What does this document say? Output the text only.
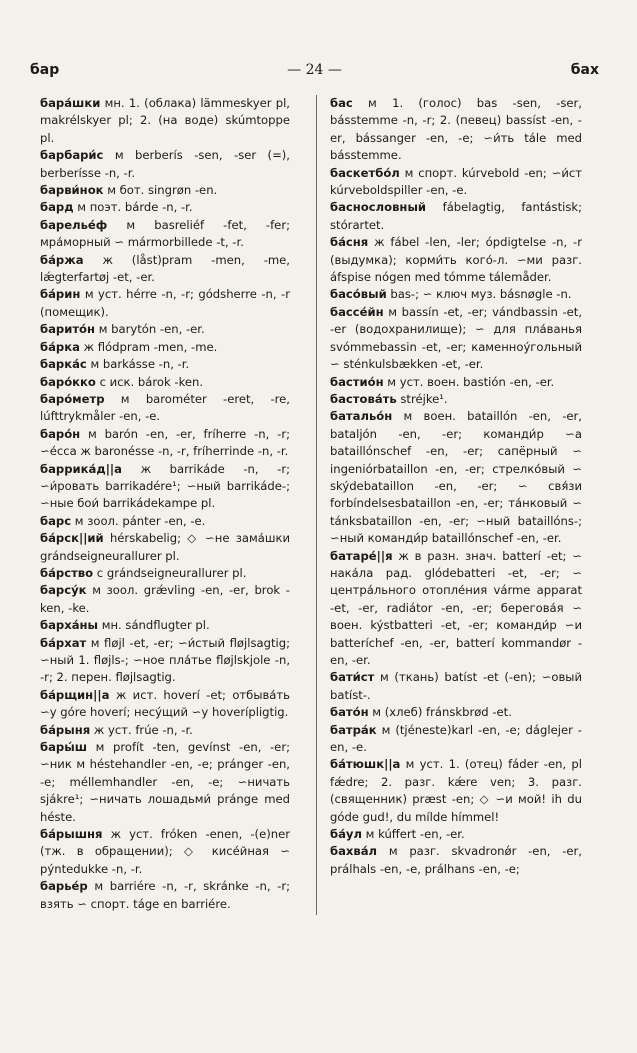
бар	— 24 —	бах

бара́шки мн. 1. (облака) lämmeskyer pl, makrélskyer pl; 2. (на воде) skúmtoppe pl.

барбари́с м berberís -sen, -ser (=), berberísse -n, -r.

барви́нок м бот. singrøn -en.

бард м поэт. bárde -n, -r.

барелье́ф м basreliéf -fet, -fer; мра́морный ∽ mármorbillede -t, -r.

ба́ржа ж (låst)pram -men, -me, lǽgterfartøj -et, -er.

ба́рин м уст. hérre -n, -r; gódsherre -n, -r (помещик).

барито́н м barytón -en, -er.

ба́рка ж flódpram -men, -me.

барка́с м barkásse -n, -r.

баро́кко с иск. bárok -ken.

баро́метр м barométer -eret, -re, lúfttrykmåler -en, -e.

баро́н м barón -en, -er, fríherre -n, -r; ∽е́сса ж baronésse -n, -r, fríherrinde -n, -r.

баррика́д||а ж barrikáde -n, -r; ∽и́ровать barrikadére¹; ∽ный barrikáde-; ∽ные бои́ barrikádekampe pl.

барс м зоол. pánter -en, -e.

ба́рск||ий hérskabelig; ◇ ∽не зама́шки grándseigneurallurer pl.

ба́рство с grándseigneurallurer pl.

барсу́к м зоол. grǽvling -en, -er, brok -ken, -ke.

барха́ны мн. sándflugter pl.

ба́рхат м fløjl -et, -er; ∽и́стый fløjlsagtig; ∽ный 1. fløjls-; ∽ное пла́тье fløjlskjole -n, -r; 2. перен. fløjlsagtig.

ба́рщин||а ж ист. hoverí -et; отбыва́ть ∽у góre hoverí; несу́щий ∽у hoverípligtig.

ба́рыня ж уст. frúe -n, -r.

бары́ш м profít -ten, gevínst -en, -er; ∽ник м héstehandler -en, -e; pránger -en, -e; méllemhandler -en, -e; ∽ничать sjákre¹; ∽ничать лошадьми́ pránge med héste.

ба́рышня ж уст. fróken -enen, -(e)ner (тж. в обращении); ◇ кисе́йная ∽ pýntedukke -n, -r.

барье́р м barriére -n, -r, skránke -n, -r; взять ∽ спорт. táge en barriére.

бас м 1. (голос) bas -sen, -ser, básstemme -n, -r; 2. (певец) bassíst -en, -er, bássanger -en, -e; ∽и́ть tále med básstemme.

баскетбо́л м спорт. kúrvebold -en; ∽и́ст kúrveboldspiller -en, -e.

баснословный fábelagtig, fantástisk; stórartet.

ба́сня ж fábel -len, -ler; ópdigtelse -n, -r (выдумка); корми́ть кого́-л. ∽ми разг. áfspise nógen med tómme tálemåder.

басо́вый bas-; ∽ ключ муз. básnøgle -n.

бассе́йн м bassín -et, -er; vándbassin -et, -er (водохранилище); ∽ для пла́ванья svómmebassin -et, -er; каменноу́гольный ∽ sténkulsbækken -et, -er.

бастио́н м уст. воен. bastión -en, -er.

бастова́ть stréjke¹.

батальо́н м воен. bataillón -en, -er, bataljón -en, -er; команди́р ∽а bataillónschef -en, -er; сапёрный ∽ ingeniórbataillon -en, -er; стрелко́вый ∽ skýdebataillon -en, -er; ∽ свя́зи forbíndelsesbataillon -en, -er; та́нковый ∽ tánksbataillon -en, -er; ∽ный bataillóns-; ∽ный команди́р bataillónschef -en, -er.

батаре́||я ж в разн. знач. batterí -et; ∽ нака́ла рад. glódebatteri -et, -er; ∽ центра́льного отопле́ния várme apparat -et, -er, radiátor -en, -er; берегова́я ∽ воен. kýstbatteri -et, -er; команди́р ∽и batteríchef -en, -er, batterí kommandør -en, -er.

бати́ст м (ткань) batíst -et (-en); ∽овый batíst-.

бато́н м (хлеб) fránskbrød -et.

батра́к м (tjéneste)karl -en, -e; dáglejer -en, -e.

ба́тюшк||а м уст. 1. (отец) fáder -en, pl fǽdre; 2. разг. kǽre ven; 3. разг. (священник) præst -en; ◇ ∽и мой! ih du góde gud!, du mílde hímmel!

ба́ул м kúffert -en, -er.

бахва́л м разг. skvadronǿr -en, -er, prálhals -en, -e, prálhans -en, -e;
